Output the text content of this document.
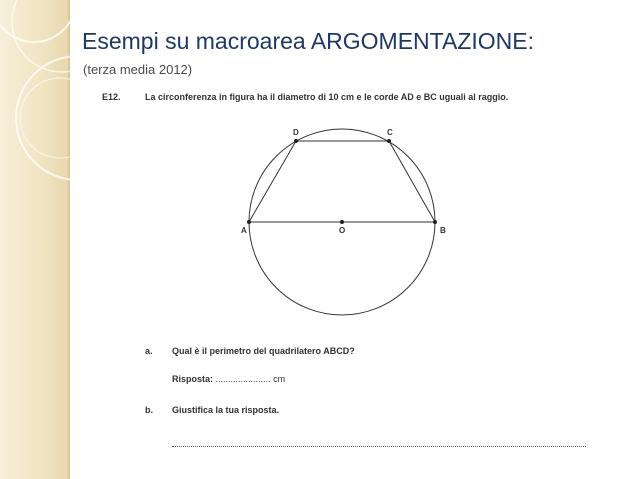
Esempi su macroarea ARGOMENTAZIONE:
(terza media 2012)
E12.	La circonferenza in figura ha il diametro di 10 cm e le corde AD e BC uguali al raggio.
A	B
C
D
O
a. Qual è il perimetro del quadrilatero ABCD?
Risposta: ...................... cm
b. Giustifica la tua risposta.
